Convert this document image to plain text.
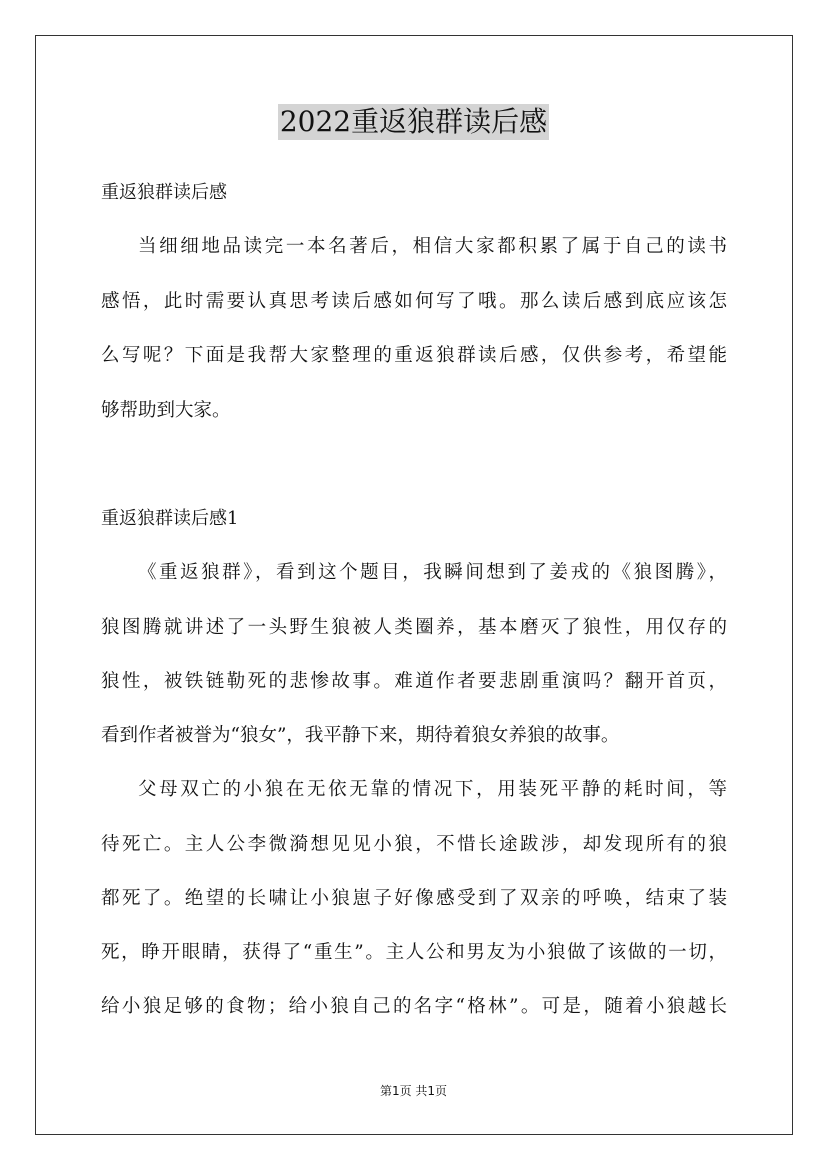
2022重返狼群读后感
重返狼群读后感
当细细地品读完一本名著后，相信大家都积累了属于自己的读书
感悟，此时需要认真思考读后感如何写了哦。那么读后感到底应该怎
么写呢？下面是我帮大家整理的重返狼群读后感，仅供参考，希望能
够帮助到大家。
重返狼群读后感1
《重返狼群》，看到这个题目，我瞬间想到了姜戎的《狼图腾》，
狼图腾就讲述了一头野生狼被人类圈养，基本磨灭了狼性，用仅存的
狼性，被铁链勒死的悲惨故事。难道作者要悲剧重演吗？翻开首页，
看到作者被誉为“狼女”，我平静下来，期待着狼女养狼的故事。
父母双亡的小狼在无依无靠的情况下，用装死平静的耗时间，等
待死亡。主人公李微漪想见见小狼，不惜长途跋涉，却发现所有的狼
都死了。绝望的长啸让小狼崽子好像感受到了双亲的呼唤，结束了装
死，睁开眼睛，获得了“重生”。主人公和男友为小狼做了该做的一切，
给小狼足够的食物；给小狼自己的名字“格林”。可是，随着小狼越长
第1页 共1页
